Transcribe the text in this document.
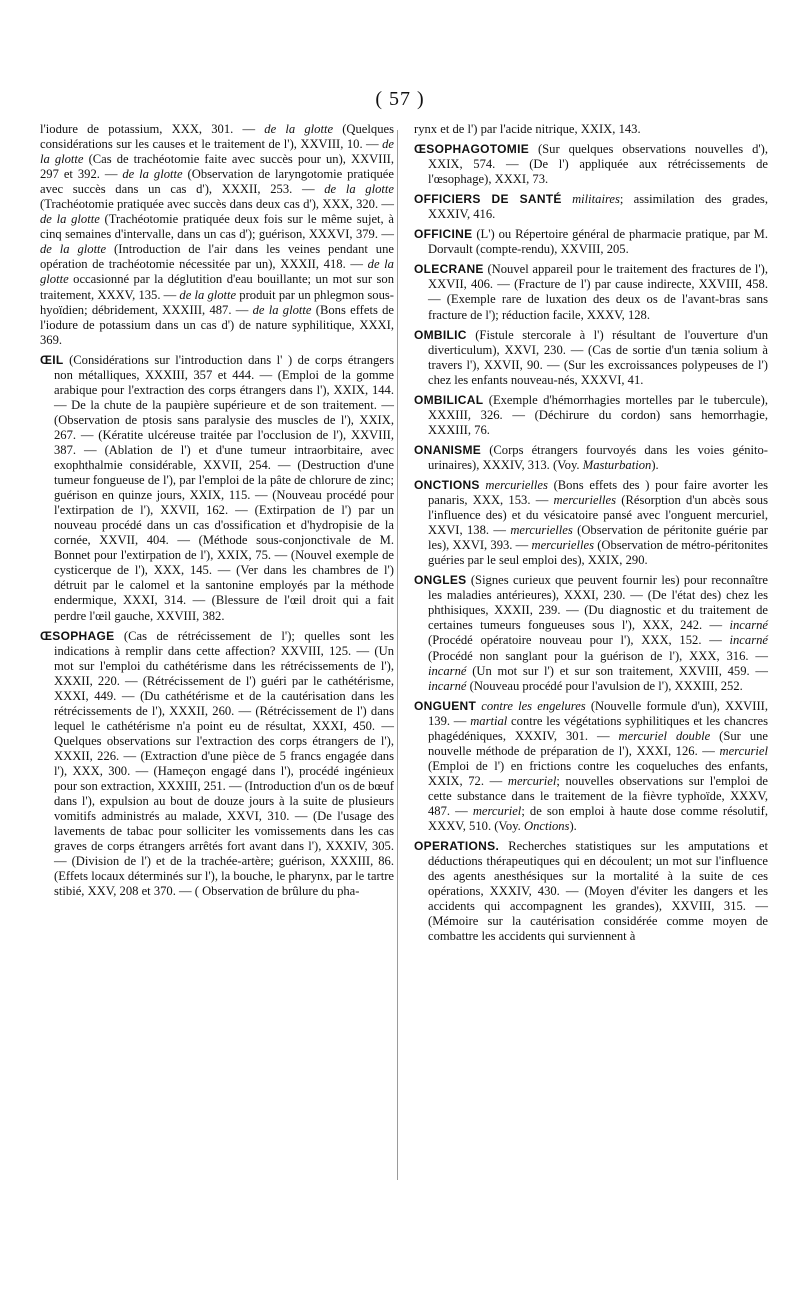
( 57 )

l'iodure de potassium, XXX, 301. — de la glotte (Quelques considérations sur les causes et le traitement de l'), XXVIII, 10. — de la glotte (Cas de trachéotomie faite avec succès pour un), XXVIII, 297 et 392. — de la glotte (Observation de laryngotomie pratiquée avec succès dans un cas d'), XXXII, 253. — de la glotte (Trachéotomie pratiquée avec succès dans deux cas d'), XXX, 320. — de la glotte (Trachéotomie pratiquée deux fois sur le même sujet, à cinq semaines d'intervalle, dans un cas d'); guérison, XXXVI, 379. — de la glotte (Introduction de l'air dans les veines pendant une opération de trachéotomie nécessitée par un), XXXII, 418. — de la glotte occasionné par la déglutition d'eau bouillante; un mot sur son traitement, XXXV, 135. — de la glotte produit par un phlegmon sous-hyoïdien; débridement, XXXIII, 487. — de la glotte (Bons effets de l'iodure de potassium dans un cas d') de nature syphilitique, XXXI, 369.

ŒIL (Considérations sur l'introduction dans l' ) de corps étrangers non métalliques, XXXIII, 357 et 444. — (Emploi de la gomme arabique pour l'extraction des corps étrangers dans l'), XXIX, 144. — De la chute de la paupière supérieure et de son traitement. — (Observation de ptosis sans paralysie des muscles de l'), XXIX, 267. — (Kératite ulcéreuse traitée par l'occlusion de l'), XXVIII, 387. — (Ablation de l') et d'une tumeur intraorbitaire, avec exophthalmie considérable, XXVII, 254. — (Destruction d'une tumeur fongueuse de l'), par l'emploi de la pâte de chlorure de zinc; guérison en quinze jours, XXIX, 115. — (Nouveau procédé pour l'extirpation de l'), XXVII, 162. — (Extirpation de l') par un nouveau procédé dans un cas d'ossification et d'hydropisie de la cornée, XXVII, 404. — (Méthode sous-conjonctivale de M. Bonnet pour l'extirpation de l'), XXIX, 75. — (Nouvel exemple de cysticerque de l'), XXX, 145. — (Ver dans les chambres de l') détruit par le calomel et la santonine employés par la méthode endermique, XXXI, 314. — (Blessure de l'œil droit qui a fait perdre l'œil gauche, XXVIII, 382.

ŒSOPHAGE (Cas de rétrécissement de l'); quelles sont les indications à remplir dans cette affection? XXVIII, 125. — (Un mot sur l'emploi du cathétérisme dans les rétrécissements de l'), XXXII, 220. — (Rétrécissement de l') guéri par le cathétérisme, XXXI, 449. — (Du cathétérisme et de la cautérisation dans les rétrécissements de l'), XXXII, 260. — (Rétrécissement de l') dans lequel le cathétérisme n'a point eu de résultat, XXXI, 450. — Quelques observations sur l'extraction des corps étrangers de l'), XXXII, 226. — (Extraction d'une pièce de 5 francs engagée dans l'), XXX, 300. — (Hameçon engagé dans l'), procédé ingénieux pour son extraction, XXXIII, 251. — (Introduction d'un os de bœuf dans l'), expulsion au bout de douze jours à la suite de plusieurs vomitifs administrés au malade, XXVI, 310. — (De l'usage des lavements de tabac pour solliciter les vomissements dans les cas graves de corps étrangers arrêtés fort avant dans l'), XXXIV, 305. — (Division de l') et de la trachée-artère; guérison, XXXIII, 86. (Effets locaux déterminés sur l'), la bouche, le pharynx, par le tartre stibié, XXV, 208 et 370. — ( Observation de brûlure du pha-

rynx et de l') par l'acide nitrique, XXIX, 143.

ŒSOPHAGOTOMIE (Sur quelques observations nouvelles d'), XXIX, 574. — (De l') appliquée aux rétrécissements de l'œsophage), XXXI, 73.

OFFICIERS DE SANTÉ militaires; assimilation des grades, XXXIV, 416.

OFFICINE (L') ou Répertoire général de pharmacie pratique, par M. Dorvault (compte-rendu), XXVIII, 205.

OLECRANE (Nouvel appareil pour le traitement des fractures de l'), XXVII, 406. — (Fracture de l') par cause indirecte, XXVIII, 458. — (Exemple rare de luxation des deux os de l'avant-bras sans fracture de l'); réduction facile, XXXV, 128.

OMBILIC (Fistule stercorale à l') résultant de l'ouverture d'un diverticulum), XXVI, 230. — (Cas de sortie d'un tænia solium à travers l'), XXVII, 90. — (Sur les excroissances polypeuses de l') chez les enfants nouveau-nés, XXXVI, 41.

OMBILICAL (Exemple d'hémorrhagies mortelles par le tubercule), XXXIII, 326. — (Déchirure du cordon) sans hemorrhagie, XXXIII, 76.

ONANISME (Corps étrangers fourvoyés dans les voies génito-urinaires), XXXIV, 313. (Voy. Masturbation).

ONCTIONS mercurielles (Bons effets des ) pour faire avorter les panaris, XXX, 153. — mercurielles (Résorption d'un abcès sous l'influence des) et du vésicatoire pansé avec l'onguent mercuriel, XXVI, 138. — mercurielles (Observation de péritonite guérie par les), XXVI, 393. — mercurielles (Observation de métro-péritonites guéries par le seul emploi des), XXIX, 290.

ONGLES (Signes curieux que peuvent fournir les) pour reconnaître les maladies antérieures), XXXI, 230. — (De l'état des) chez les phthisiques, XXXII, 239. — (Du diagnostic et du traitement de certaines tumeurs fongueuses sous l'), XXX, 242. — incarné (Procédé opératoire nouveau pour l'), XXX, 152. — incarné (Procédé non sanglant pour la guérison de l'), XXX, 316. — incarné (Un mot sur l') et sur son traitement, XXVIII, 459. — incarné (Nouveau procédé pour l'avulsion de l'), XXXIII, 252.

ONGUENT contre les engelures (Nouvelle formule d'un), XXVIII, 139. — martial contre les végétations syphilitiques et les chancres phagédéniques, XXXIV, 301. — mercuriel double (Sur une nouvelle méthode de préparation de l'), XXXI, 126. — mercuriel (Emploi de l') en frictions contre les coqueluches des enfants, XXIX, 72. — mercuriel; nouvelles observations sur l'emploi de cette substance dans le traitement de la fièvre typhoïde, XXXV, 487. — mercuriel; de son emploi à haute dose comme résolutif, XXXV, 510. (Voy. Onctions).

OPERATIONS. Recherches statistiques sur les amputations et déductions thérapeutiques qui en découlent; un mot sur l'influence des agents anesthésiques sur la mortalité à la suite de ces opérations, XXXIV, 430. — (Moyen d'éviter les dangers et les accidents qui accompagnent les grandes), XXVIII, 315. — (Mémoire sur la cautérisation considérée comme moyen de combattre les accidents qui surviennent à
